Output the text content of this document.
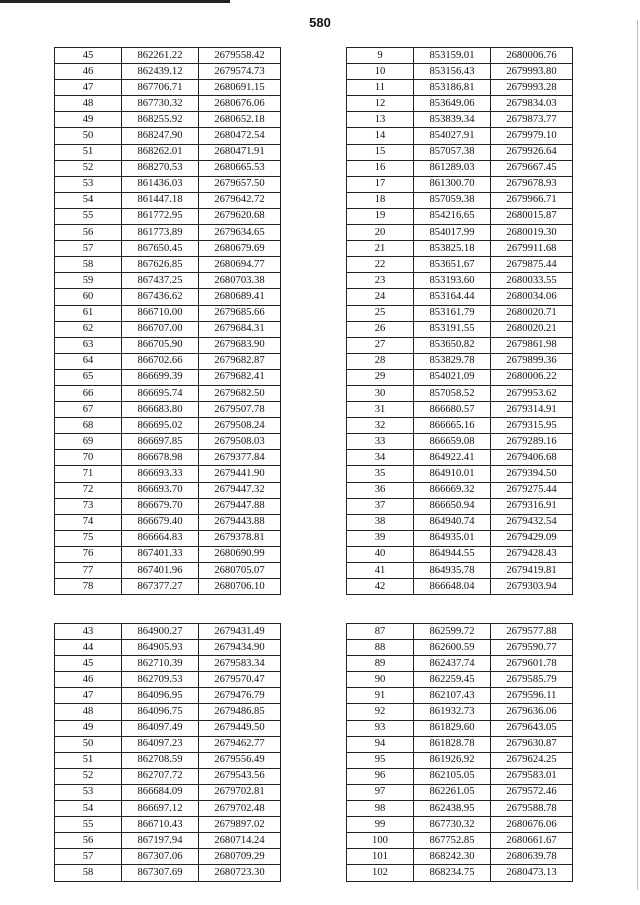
580
45	862261.22	2679558.42
46	862439.12	2679574.73
47	867706.71	2680691.15
48	867730.32	2680676.06
49	868255.92	2680652.18
50	868247.90	2680472.54
51	868262.01	2680471.91
52	868270.53	2680665.53
53	861436.03	2679657.50
54	861447.18	2679642.72
55	861772.95	2679620.68
56	861773.89	2679634.65
57	867650.45	2680679.69
58	867626.85	2680694.77
59	867437.25	2680703.38
60	867436.62	2680689.41
61	866710.00	2679685.66
62	866707.00	2679684.31
63	866705.90	2679683.90
64	866702.66	2679682.87
65	866699.39	2679682.41
66	866695.74	2679682.50
67	866683.80	2679507.78
68	866695.02	2679508.24
69	866697.85	2679508.03
70	866678.98	2679377.84
71	866693.33	2679441.90
72	866693.70	2679447.32
73	866679.70	2679447.88
74	866679.40	2679443.88
75	866664.83	2679378.81
76	867401.33	2680690.99
77	867401.96	2680705.07
78	867377.27	2680706.10
9	853159.01	2680006.76
10	853156.43	2679993.80
11	853186.81	2679993.28
12	853649.06	2679834.03
13	853839.34	2679873.77
14	854027.91	2679979.10
15	857057.38	2679926.64
16	861289.03	2679667.45
17	861300.70	2679678.93
18	857059.38	2679966.71
19	854216.65	2680015.87
20	854017.99	2680019.30
21	853825.18	2679911.68
22	853651.67	2679875.44
23	853193.60	2680033.55
24	853164.44	2680034.06
25	853161.79	2680020.71
26	853191.55	2680020.21
27	853650.82	2679861.98
28	853829.78	2679899.36
29	854021.09	2680006.22
30	857058.52	2679953.62
31	866680.57	2679314.91
32	866665.16	2679315.95
33	866659.08	2679289.16
34	864922.41	2679406.68
35	864910.01	2679394.50
36	866669.32	2679275.44
37	866650.94	2679316.91
38	864940.74	2679432.54
39	864935.01	2679429.09
40	864944.55	2679428.43
41	864935.78	2679419.81
42	866648.04	2679303.94
43	864900.27	2679431.49
44	864905.93	2679434.90
45	862710.39	2679583.34
46	862709.53	2679570.47
47	864096.95	2679476.79
48	864096.75	2679486.85
49	864097.49	2679449.50
50	864097.23	2679462.77
51	862708.59	2679556.49
52	862707.72	2679543.56
53	866684.09	2679702.81
54	866697.12	2679702.48
55	866710.43	2679897.02
56	867197.94	2680714.24
57	867307.06	2680709.29
58	867307.69	2680723.30
87	862599.72	2679577.88
88	862600.59	2679590.77
89	862437.74	2679601.78
90	862259.45	2679585.79
91	862107.43	2679596.11
92	861932.73	2679636.06
93	861829.60	2679643.05
94	861828.78	2679630.87
95	861926.92	2679624.25
96	862105.05	2679583.01
97	862261.05	2679572.46
98	862438.95	2679588.78
99	867730.32	2680676.06
100	867752.85	2680661.67
101	868242.30	2680639.78
102	868234.75	2680473.13
